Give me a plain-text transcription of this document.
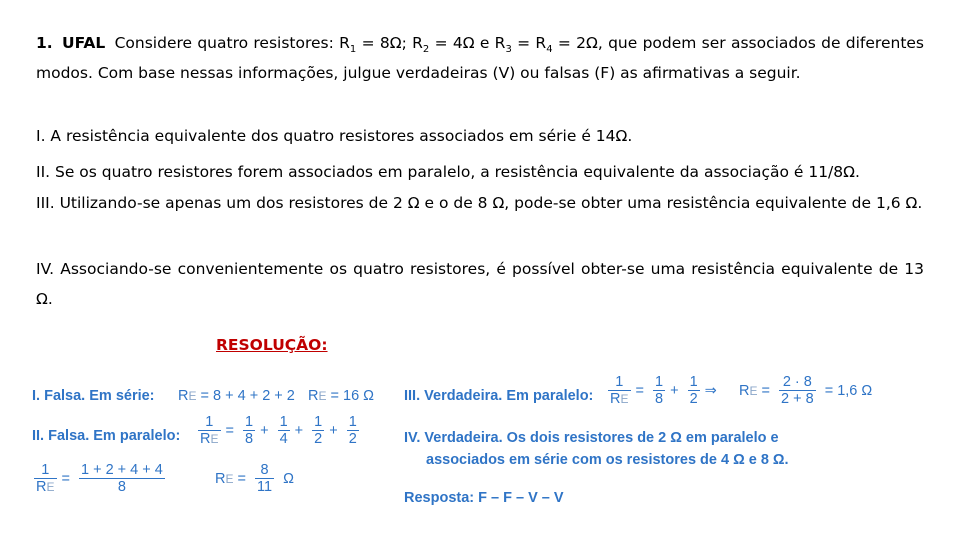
1. UFAL Considere quatro resistores: $R_1 = 8\Omega$; $R_2 = 4\Omega$ e $R_3 = R_4 = 2\Omega$, que podem ser associados de diferentes modos. Com base nessas informações, julgue verdadeiras (V) ou falsas (F) as afirmativas a seguir.
I. A resistência equivalente dos quatro resistores associados em série é 14Ω.
II. Se os quatro resistores forem associados em paralelo, a resistência equivalente da associação é 11/8Ω.
III. Utilizando-se apenas um dos resistores de 2 Ω e o de 8 Ω, pode-se obter uma resistência equivalente de 1,6 Ω.
IV. Associando-se convenientemente os quatro resistores, é possível obter-se uma resistência equivalente de 13 Ω.
RESOLUÇÃO:
I. Falsa. Em série: RE = 8 + 4 + 2 + 2 RE = 16 Ω
II. Falsa. Em paralelo: $\frac{1}{RE} = \frac{1}{8} + \frac{1}{4} + \frac{1}{2} + \frac{1}{2}$
$\frac{1}{RE} = \frac{1 + 2 + 4 + 4}{8}$	RE = $\frac{8}{11}$ Ω
III. Verdadeira. Em paralelo: $\frac{1}{RE} = \frac{1}{8} + \frac{1}{2}$ ⇒ RE = $\frac{2 \cdot 8}{2 + 8} = 1,6$ Ω
IV. Verdadeira. Os dois resistores de 2 Ω em paralelo e
associados em série com os resistores de 4 Ω e 8 Ω.
Resposta: F – F – V – V
